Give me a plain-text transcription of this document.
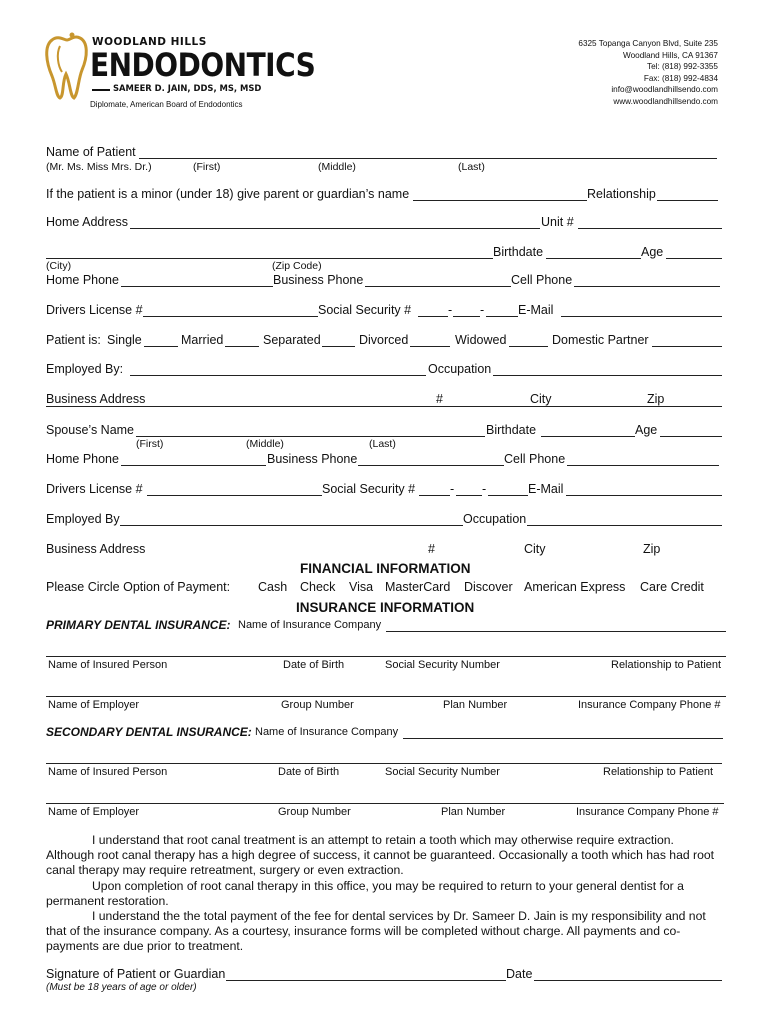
WOODLAND HILLS
ENDODONTICS
SAMEER D. JAIN, DDS, MS, MSD
Diplomate, American Board of Endodontics
6325 Topanga Canyon Blvd, Suite 235
Woodland Hills, CA 91367
Tel: (818) 992-3355
Fax: (818) 992-4834
info@woodlandhillsendo.com
www.woodlandhillsendo.com
Name of Patient
(Mr. Ms. Miss Mrs. Dr.)	(First)	(Middle)	(Last)
If the patient is a minor (under 18) give parent or guardian’s name	Relationship
Home Address	Unit #
Birthdate	Age
(City)	(Zip Code)
Home Phone	Business Phone	Cell Phone
Drivers License #	Social Security #	- -	E-Mail
Patient is: Single	Married	Separated	Divorced	Widowed	Domestic Partner
Employed By:	Occupation
Business Address	#	City	Zip
Spouse’s Name	Birthdate	Age
(First)	(Middle)	(Last)
Home Phone	Business Phone	Cell Phone
Drivers License #	Social Security #	- -	E-Mail
Employed By	Occupation
Business Address	#	City	Zip
FINANCIAL INFORMATION
Please Circle Option of Payment: Cash Check Visa MasterCard Discover American Express Care Credit
INSURANCE INFORMATION
PRIMARY DENTAL INSURANCE: Name of Insurance Company
Name of Insured Person	Date of Birth	Social Security Number	Relationship to Patient
Name of Employer	Group Number	Plan Number	Insurance Company Phone #
SECONDARY DENTAL INSURANCE: Name of Insurance Company
Name of Insured Person	Date of Birth	Social Security Number	Relationship to Patient
Name of Employer	Group Number	Plan Number	Insurance Company Phone #

I understand that root canal treatment is an attempt to retain a tooth which may otherwise require extraction. Although root canal therapy has a high degree of success, it cannot be guaranteed. Occasionally a tooth which has had root canal therapy may require retreatment, surgery or even extraction.

Upon completion of root canal therapy in this office, you may be required to return to your general dentist for a permanent restoration.

I understand the the total payment of the fee for dental services by Dr. Sameer D. Jain is my responsibility and not that of the insurance company. As a courtesy, insurance forms will be completed without charge. All payments and co-payments are due prior to treatment.

Signature of Patient or Guardian	Date
(Must be 18 years of age or older)
